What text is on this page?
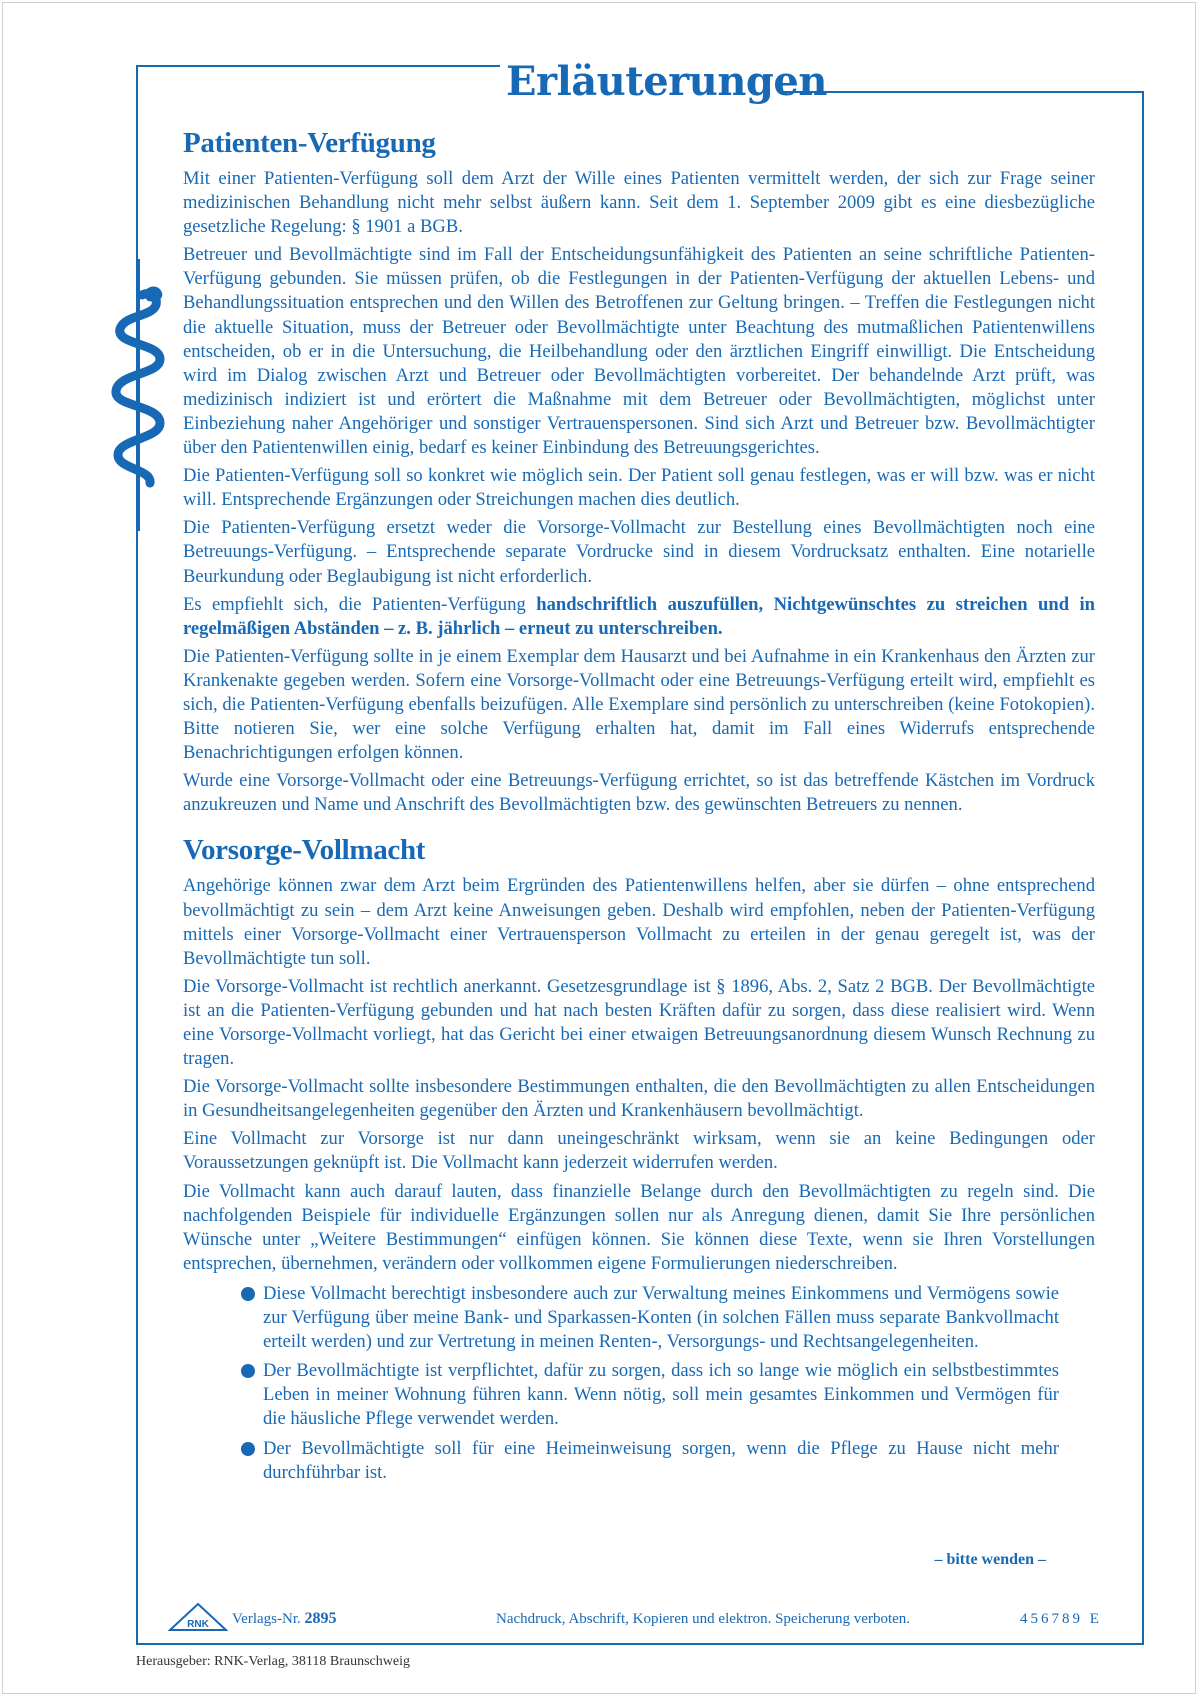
Erläuterungen
Patienten-Verfügung

Mit einer Patienten-Verfügung soll dem Arzt der Wille eines Patienten vermittelt werden, der sich zur Frage seiner medizinischen Behandlung nicht mehr selbst äußern kann. Seit dem 1. September 2009 gibt es eine diesbezügliche gesetzliche Regelung: § 1901 a BGB.

Betreuer und Bevollmächtigte sind im Fall der Entscheidungsunfähigkeit des Patienten an seine schriftliche Patienten-Verfügung gebunden. Sie müssen prüfen, ob die Festlegungen in der Patienten-Verfügung der aktuellen Lebens- und Behandlungssituation entsprechen und den Willen des Betroffenen zur Geltung bringen. – Treffen die Festlegungen nicht die aktuelle Situation, muss der Betreuer oder Bevollmächtigte unter Beachtung des mutmaßlichen Patientenwillens entscheiden, ob er in die Untersuchung, die Heilbehandlung oder den ärztlichen Eingriff einwilligt. Die Entscheidung wird im Dialog zwischen Arzt und Betreuer oder Bevollmächtigten vorbereitet. Der behandelnde Arzt prüft, was medizinisch indiziert ist und erörtert die Maßnahme mit dem Betreuer oder Bevollmächtigten, möglichst unter Einbeziehung naher Angehöriger und sonstiger Vertrauenspersonen. Sind sich Arzt und Betreuer bzw. Bevollmächtigter über den Patientenwillen einig, bedarf es keiner Einbindung des Betreuungsgerichtes.

Die Patienten-Verfügung soll so konkret wie möglich sein. Der Patient soll genau festlegen, was er will bzw. was er nicht will. Entsprechende Ergänzungen oder Streichungen machen dies deutlich.

Die Patienten-Verfügung ersetzt weder die Vorsorge-Vollmacht zur Bestellung eines Bevollmächtigten noch eine Betreuungs-Verfügung. – Entsprechende separate Vordrucke sind in diesem Vordrucksatz enthalten. Eine notarielle Beurkundung oder Beglaubigung ist nicht erforderlich.

Es empfiehlt sich, die Patienten-Verfügung handschriftlich auszufüllen, Nichtgewünschtes zu streichen und in regelmäßigen Abständen – z. B. jährlich – erneut zu unterschreiben.

Die Patienten-Verfügung sollte in je einem Exemplar dem Hausarzt und bei Aufnahme in ein Krankenhaus den Ärzten zur Krankenakte gegeben werden. Sofern eine Vorsorge-Vollmacht oder eine Betreuungs-Verfügung erteilt wird, empfiehlt es sich, die Patienten-Verfügung ebenfalls beizufügen. Alle Exemplare sind persönlich zu unterschreiben (keine Fotokopien). Bitte notieren Sie, wer eine solche Verfügung erhalten hat, damit im Fall eines Widerrufs entsprechende Benachrichtigungen erfolgen können.

Wurde eine Vorsorge-Vollmacht oder eine Betreuungs-Verfügung errichtet, so ist das betreffende Kästchen im Vordruck anzukreuzen und Name und Anschrift des Bevollmächtigten bzw. des gewünschten Betreuers zu nennen.

Vorsorge-Vollmacht

Angehörige können zwar dem Arzt beim Ergründen des Patientenwillens helfen, aber sie dürfen – ohne entsprechend bevollmächtigt zu sein – dem Arzt keine Anweisungen geben. Deshalb wird empfohlen, neben der Patienten-Verfügung mittels einer Vorsorge-Vollmacht einer Vertrauensperson Vollmacht zu erteilen in der genau geregelt ist, was der Bevollmächtigte tun soll.

Die Vorsorge-Vollmacht ist rechtlich anerkannt. Gesetzesgrundlage ist § 1896, Abs. 2, Satz 2 BGB. Der Bevollmächtigte ist an die Patienten-Verfügung gebunden und hat nach besten Kräften dafür zu sorgen, dass diese realisiert wird. Wenn eine Vorsorge-Vollmacht vorliegt, hat das Gericht bei einer etwaigen Betreuungsanordnung diesem Wunsch Rechnung zu tragen.

Die Vorsorge-Vollmacht sollte insbesondere Bestimmungen enthalten, die den Bevollmächtigten zu allen Entscheidungen in Gesundheitsangelegenheiten gegenüber den Ärzten und Krankenhäusern bevollmächtigt.

Eine Vollmacht zur Vorsorge ist nur dann uneingeschränkt wirksam, wenn sie an keine Bedingungen oder Voraussetzungen geknüpft ist. Die Vollmacht kann jederzeit widerrufen werden.

Die Vollmacht kann auch darauf lauten, dass finanzielle Belange durch den Bevollmächtigten zu regeln sind. Die nachfolgenden Beispiele für individuelle Ergänzungen sollen nur als Anregung dienen, damit Sie Ihre persönlichen Wünsche unter „Weitere Bestimmungen“ einfügen können. Sie können diese Texte, wenn sie Ihren Vorstellungen entsprechen, übernehmen, verändern oder vollkommen eigene Formulierungen niederschreiben.

Diese Vollmacht berechtigt insbesondere auch zur Verwaltung meines Einkommens und Vermögens sowie zur Verfügung über meine Bank- und Sparkassen-Konten (in solchen Fällen muss separate Bankvollmacht erteilt werden) und zur Vertretung in meinen Renten-, Versorgungs- und Rechtsangelegenheiten.
Der Bevollmächtigte ist verpflichtet, dafür zu sorgen, dass ich so lange wie möglich ein selbstbestimmtes Leben in meiner Wohnung führen kann. Wenn nötig, soll mein gesamtes Einkommen und Vermögen für die häusliche Pflege verwendet werden.
Der Bevollmächtigte soll für eine Heimeinweisung sorgen, wenn die Pflege zu Hause nicht mehr durchführbar ist.
– bitte wenden –
RNK Verlags-Nr. 2895	Nachdruck, Abschrift, Kopieren und elektron. Speicherung verboten.	456789 E
Herausgeber: RNK-Verlag, 38118 Braunschweig
